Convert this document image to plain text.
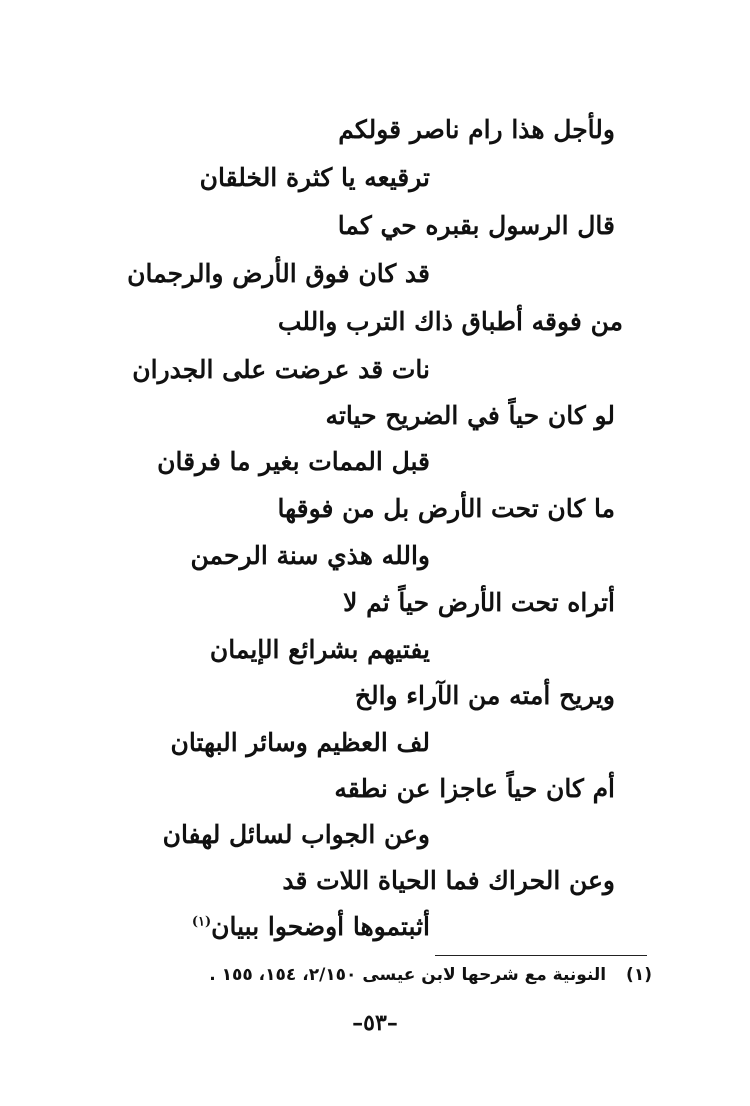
ولأجل هذا رام ناصر قولكم
ترقيعه يا كثرة الخلقان
قال الرسول بقبره حي كما
قد كان فوق الأرض والرجمان
من فوقه أطباق ذاك الترب واللب
نات قد عرضت على الجدران
لو كان حياً في الضريح حياته
قبل الممات بغير ما فرقان
ما كان تحت الأرض بل من فوقها
والله هذي سنة الرحمن
أتراه تحت الأرض حياً ثم لا
يفتيهم بشرائع الإيمان
ويريح أمته من الآراء والخ
لف العظيم وسائر البهتان
أم كان حياً عاجزا عن نطقه
وعن الجواب لسائل لهفان
وعن الحراك فما الحياة اللات قد
أثبتموها أوضحوا ببيان$^{(١)}$
(١) النونية مع شرحها لابن عيسى ٢/١٥٠، ١٥٤، ١٥٥ .
–٥٣–
